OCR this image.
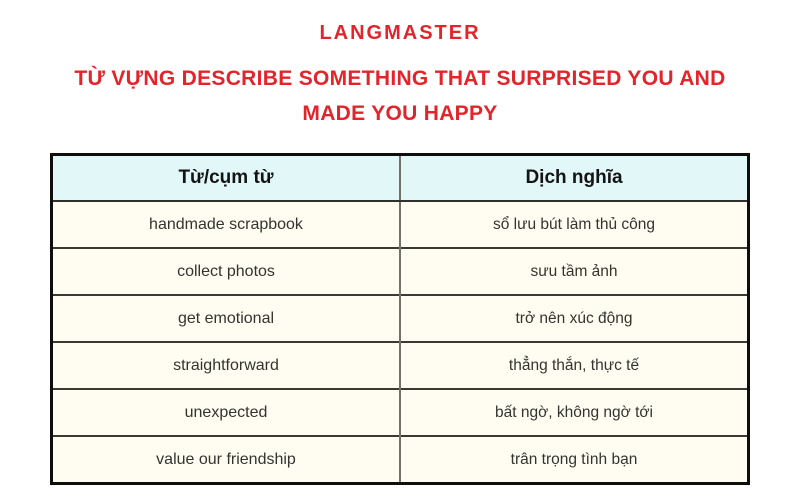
LANGMASTER
TỪ VỰNG DESCRIBE SOMETHING THAT SURPRISED YOU AND
MADE YOU HAPPY
Từ/cụm từ	Dịch nghĩa
handmade scrapbook	sổ lưu bút làm thủ công
collect photos	sưu tầm ảnh
get emotional	trở nên xúc động
straightforward	thẳng thắn, thực tế
unexpected	bất ngờ, không ngờ tới
value our friendship	trân trọng tình bạn
